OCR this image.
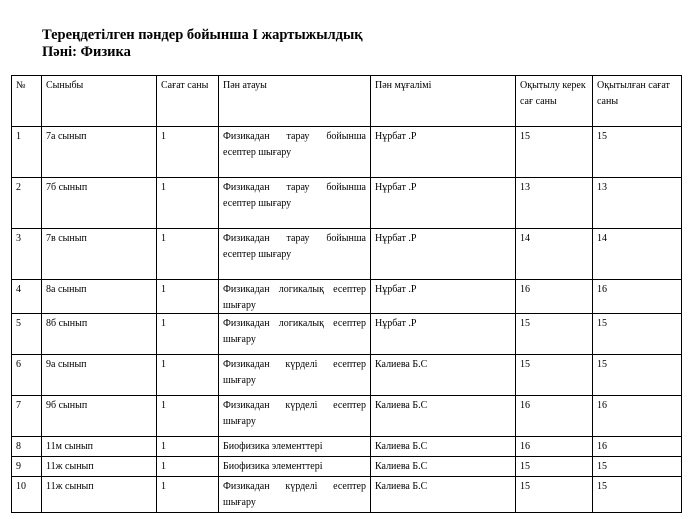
Тереңдетілген пәндер бойынша І жартыжылдық
Пәні: Физика
№	Сыныбы	Сағат саны	Пән атауы	Пән мұғалімі	Оқытылу керек сағ саны	Оқытылған сағат саны
1	7а сынып	1	Физикадан тарау бойынша есептер шығару	Нұрбат .Р	15	15
2	7б сынып	1	Физикадан тарау бойынша есептер шығару	Нұрбат .Р	13	13
3	7в сынып	1	Физикадан тарау бойынша есептер шығару	Нұрбат .Р	14	14
4	8а сынып	1	Физикадан логикалық есептер шығару	Нұрбат .Р	16	16
5	8б сынып	1	Физикадан логикалық есептер шығару	Нұрбат .Р	15	15
6	9а сынып	1	Физикадан күрделі есептер шығару	Калиева Б.С	15	15
7	9б сынып	1	Физикадан күрделі есептер шығару	Калиева Б.С	16	16
8	11м сынып	1	Биофизика элементтері	Калиева Б.С	16	16
9	11ж сынып	1	Биофизика элементтері	Калиева Б.С	15	15
10	11ж сынып	1	Физикадан күрделі есептер шығару	Калиева Б.С	15	15
